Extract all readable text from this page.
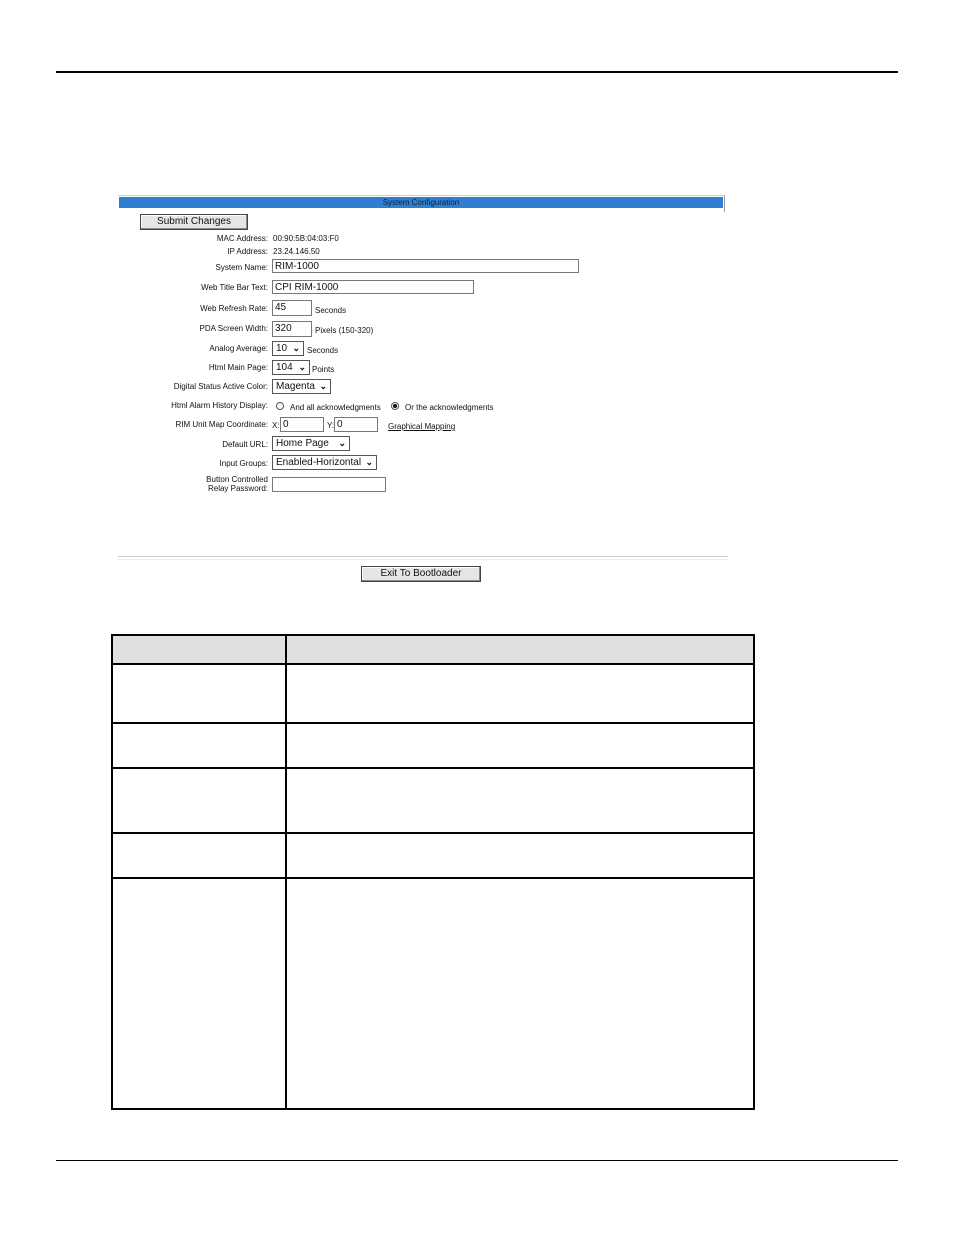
System Configuration
Submit Changes
MAC Address: 00:90:5B:04:03:F0
IP Address: 23.24.146.50
System Name: RIM-1000
Web Title Bar Text: CPI RIM-1000
Web Refresh Rate: 45	Seconds
PDA Screen Width: 320	Pixels (150-320)
Analog Average: 10 ⌄ Seconds
Html Main Page: 104 ⌄ Points
Digital Status Active Color: Magenta ⌄
Html Alarm History Display:	And all acknowledgments	Or the acknowledgments
RIM Unit Map Coordinate: X: 0	Y: 0	Graphical Mapping
Default URL: Home Page ⌄
Input Groups: Enabled-Horizontal ⌄
Button Controlled
Relay Password:
Exit To Bootloader
